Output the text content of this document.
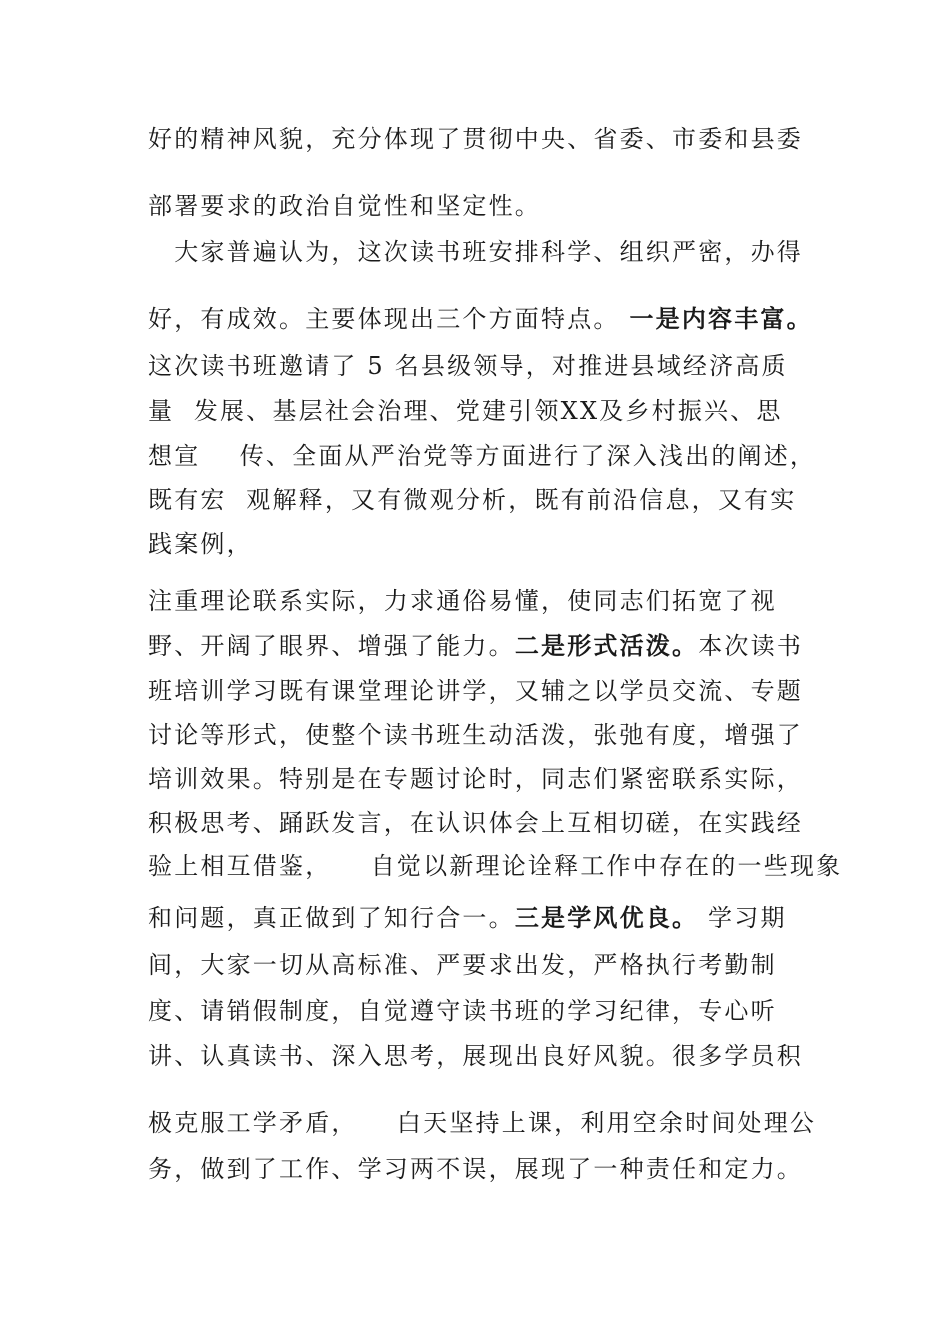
好的精神风貌，充分体现了贯彻中央、省委、市委和县委
部署要求的政治自觉性和坚定性。
　大家普遍认为，这次读书班安排科学、组织严密，办得
好，有成效。主要体现出三个方面特点。 一是内容丰富。
这次读书班邀请了 5 名县级领导，对推进县域经济高质
量  发展、基层社会治理、党建引领XX及乡村振兴、思
想宣    传、全面从严治党等方面进行了深入浅出的阐述，
既有宏  观解释，又有微观分析，既有前沿信息，又有实
践案例，
注重理论联系实际，力求通俗易懂，使同志们拓宽了视
野、开阔了眼界、增强了能力。二是形式活泼。本次读书
班培训学习既有课堂理论讲学，又辅之以学员交流、专题
讨论等形式，使整个读书班生动活泼，张弛有度，增强了
培训效果。特别是在专题讨论时，同志们紧密联系实际，
积极思考、踊跃发言，在认识体会上互相切磋，在实践经
验上相互借鉴，    自觉以新理论诠释工作中存在的一些现象
和问题，真正做到了知行合一。三是学风优良。 学习期
间，大家一切从高标准、严要求出发，严格执行考勤制
度、请销假制度，自觉遵守读书班的学习纪律，专心听
讲、认真读书、深入思考，展现出良好风貌。很多学员积
极克服工学矛盾，    白天坚持上课，利用空余时间处理公
务，做到了工作、学习两不误，展现了一种责任和定力。
